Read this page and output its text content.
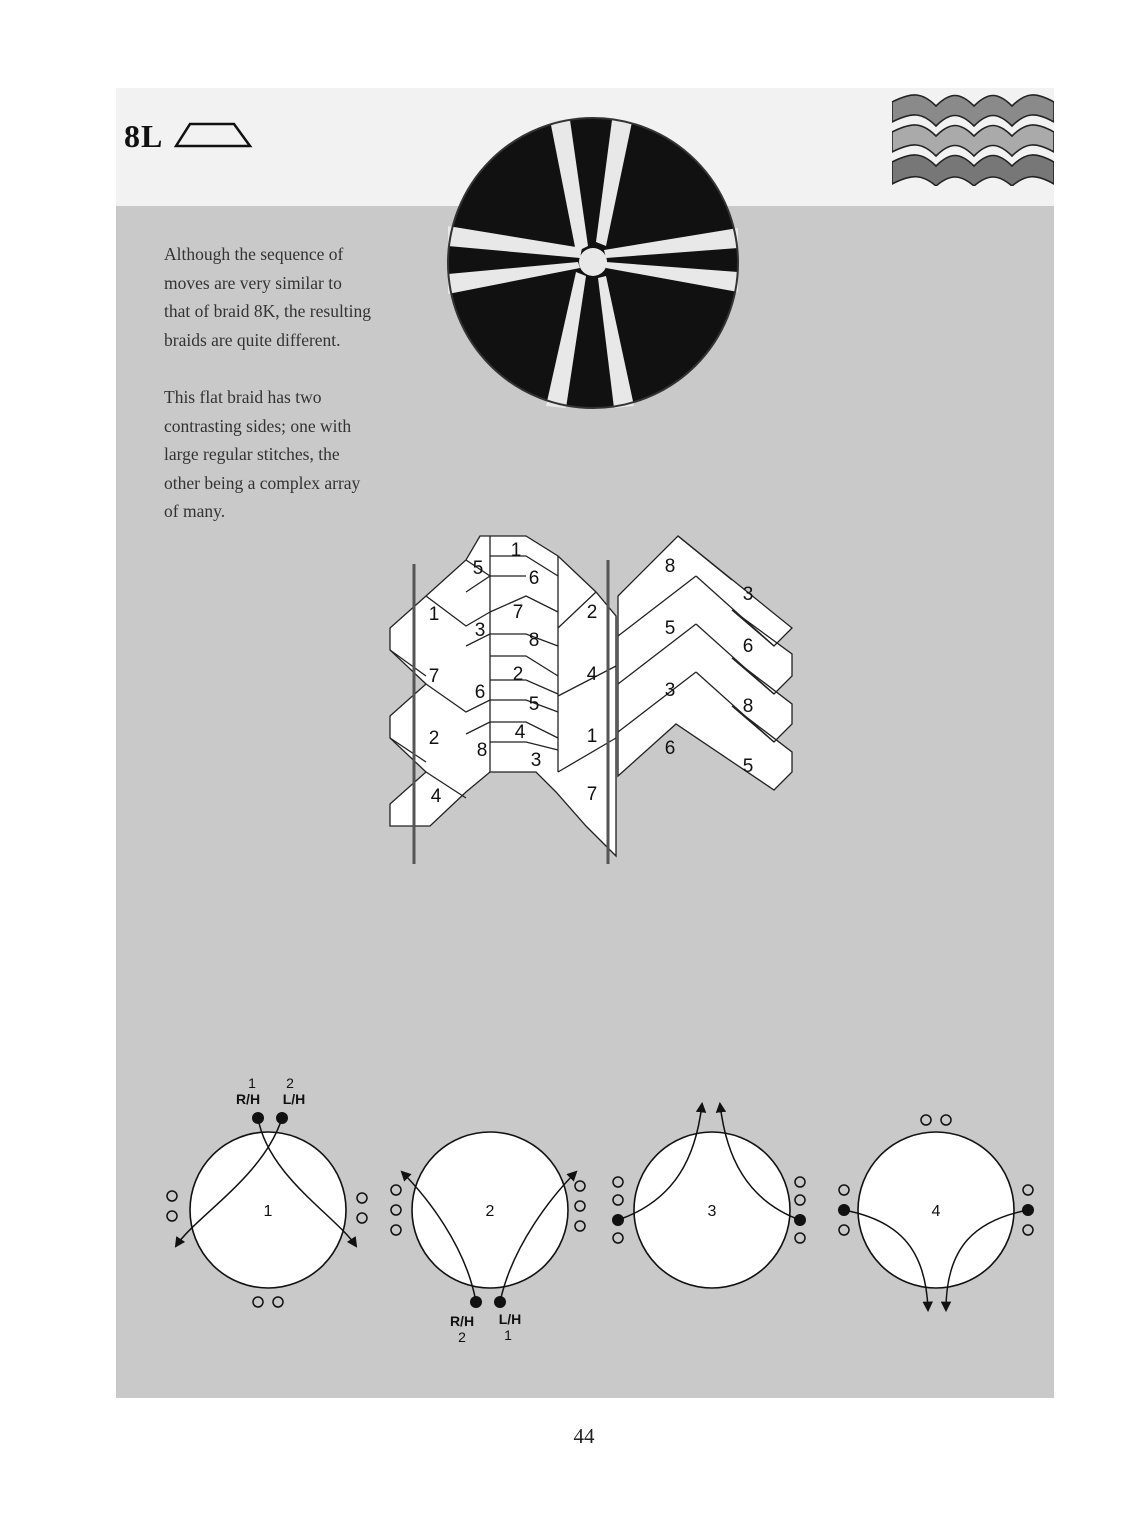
8L
Although the sequence of
moves are very similar to
that of braid 8K, the resulting
braids are quite different.
This flat braid has two
contrasting sides; one with
large regular stitches, the
other being a complex array
of many.
5
1
6
1
3
7
8
2
7
6
2
5
4
4
2
8 3
1
4	7
8
3
5
6
3
8
6
5
1	2	3	4
1 2
R/H L/H
R/H L/H
2	1
44
